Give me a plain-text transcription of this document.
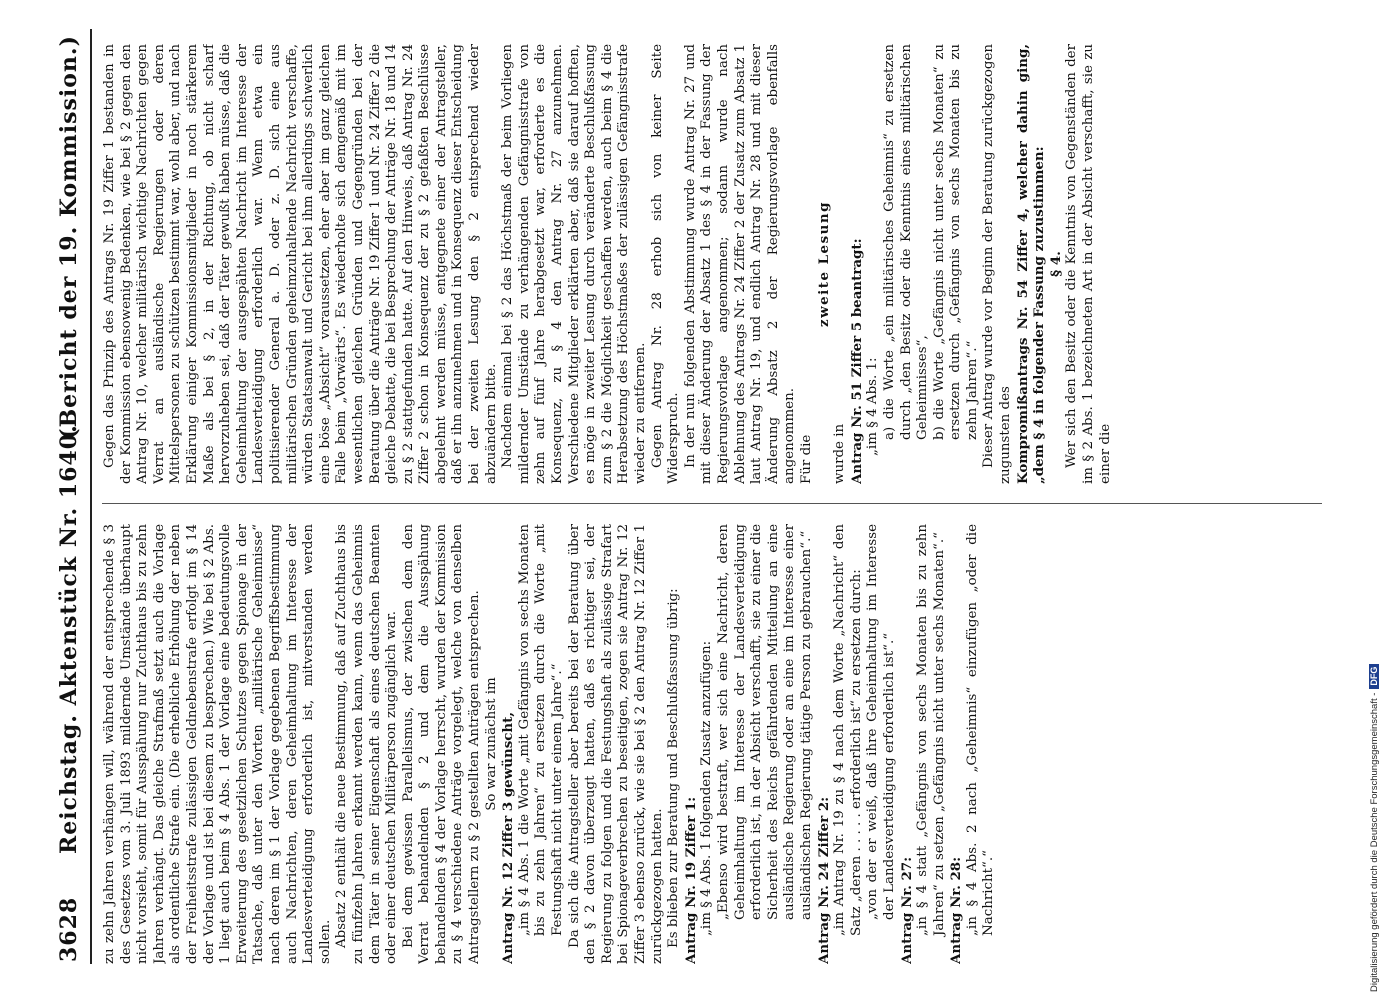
3628
Reichstag. Aktenstück Nr. 1640.
(Bericht der 19. Kommission.)

zu zehn Jahren verhängen will, während der entsprechende § 3 des Gesetzes vom 3. Juli 1893 mildernde Umstände überhaupt nicht vorsieht, somit für Ausspähung nur Zuchthaus bis zu zehn Jahren verhängt. Das gleiche Strafmaß setzt auch die Vorlage als ordentliche Strafe ein. (Die erhebliche Erhöhung der neben der Freiheitsstrafe zulässigen Geldnebenstrafe erfolgt im § 14 der Vorlage und ist bei diesem zu besprechen.) Wie bei § 2 Abs. 1 liegt auch beim § 4 Abs. 1 der Vorlage eine bedeutungsvolle Erweiterung des gesetzlichen Schutzes gegen Spionage in der Tatsache, daß unter den Worten „militärische Geheimnisse“ nach deren im § 1 der Vorlage gegebenen Begriffsbestimmung auch Nachrichten, deren Geheimhaltung im Interesse der Landesverteidigung erforderlich ist, mitverstanden werden sollen. Absatz 2 enthält die neue Bestimmung, daß auf Zuchthaus bis zu fünfzehn Jahren erkannt werden kann, wenn das Geheimnis dem Täter in seiner Eigenschaft als eines deutschen Beamten oder einer deutschen Militärperson zugänglich war. Bei dem gewissen Parallelismus, der zwischen dem den Verrat behandelnden § 2 und dem die Ausspähung behandelnden § 4 der Vorlage herrscht, wurden der Kommission zu § 4 verschiedene Anträge vorgelegt, welche von denselben Antragstellern zu § 2 gestellten Anträgen entsprechen. So war zunächst im Antrag Nr. 12 Ziffer 3 gewünscht, „im § 4 Abs. 1 die Worte „mit Gefängnis von sechs Monaten bis zu zehn Jahren“ zu ersetzen durch die Worte „mit Festungshaft nicht unter einem Jahre“.“ Da sich die Antragsteller aber bereits bei der Beratung über den § 2 davon überzeugt hatten, daß es richtiger sei, der Regierung zu folgen und die Festungshaft als zulässige Strafart bei Spionageverbrechen zu beseitigen, zogen sie Antrag Nr. 12 Ziffer 3 ebenso zurück, wie sie bei § 2 den Antrag Nr. 12 Ziffer 1 zurückgezogen hatten. Es blieben zur Beratung und Beschlußfassung übrig: Antrag Nr. 19 Ziffer 1: „im § 4 Abs. 1 folgenden Zusatz anzufügen: „Ebenso wird bestraft, wer sich eine Nachricht, deren Geheimhaltung im Interesse der Landesverteidigung erforderlich ist, in der Absicht verschafft, sie zu einer die Sicherheit des Reichs gefährdenden Mitteilung an eine ausländische Regierung oder an eine im Interesse einer ausländischen Regierung tätige Person zu gebrauchen“.“ Antrag Nr. 24 Ziffer 2: „im Antrag Nr. 19 zu § 4 nach dem Worte „Nachricht“ den Satz „deren . . . . . erforderlich ist“ zu ersetzen durch: „von der er weiß, daß ihre Geheimhaltung im Interesse der Landesverteidigung erforderlich ist“.“ Antrag Nr. 27: „in § 4 statt „Gefängnis von sechs Monaten bis zu zehn Jahren“ zu setzen „Gefängnis nicht unter sechs Monaten“.“ Antrag Nr. 28: „in § 4 Abs. 2 nach „Geheimnis“ einzufügen „oder die Nachricht“.“

Gegen das Prinzip des Antrags Nr. 19 Ziffer 1 bestanden in der Kommission ebensowenig Bedenken, wie bei § 2 gegen den Antrag Nr. 10, welcher militärisch wichtige Nachrichten gegen Verrat an ausländische Regierungen oder deren Mittelspersonen zu schützen bestimmt war, wohl aber, und nach Erklärung einiger Kommissionsmitglieder in noch stärkerem Maße als bei § 2, in der Richtung, ob nicht scharf hervorzuheben sei, daß der Täter gewußt haben müsse, daß die Geheimhaltung der ausgespähten Nachricht im Interesse der Landesverteidigung erforderlich war. Wenn etwa ein politisierender General a. D. oder z. D. sich eine aus militärischen Gründen geheimzuhaltende Nachricht verschaffe, würden Staatsanwalt und Gericht bei ihm allerdings schwerlich eine böse „Absicht“ voraussetzen, eher aber im ganz gleichen Falle beim „Vorwärts“. Es wiederholte sich demgemäß mit im wesentlichen gleichen Gründen und Gegengründen bei der Beratung über die Anträge Nr. 19 Ziffer 1 und Nr. 24 Ziffer 2 die gleiche Debatte, die bei Besprechung der Anträge Nr. 18 und 14 zu § 2 stattgefunden hatte. Auf den Hinweis, daß Antrag Nr. 24 Ziffer 2 schon in Konsequenz der zu § 2 gefaßten Beschlüsse abgelehnt werden müsse, entgegnete einer der Antragsteller, daß er ihn anzunehmen und in Konsequenz dieser Entscheidung bei der zweiten Lesung den § 2 entsprechend wieder abzuändern bitte. Nachdem einmal bei § 2 das Höchstmaß der beim Vorliegen mildernder Umstände zu verhängenden Gefängnisstrafe von zehn auf fünf Jahre herabgesetzt war, erforderte es die Konsequenz, zu § 4 den Antrag Nr. 27 anzunehmen. Verschiedene Mitglieder erklärten aber, daß sie darauf hofften, es möge in zweiter Lesung durch veränderte Beschlußfassung zum § 2 die Möglichkeit geschaffen werden, auch beim § 4 die Herabsetzung des Höchstmaßes der zulässigen Gefängnisstrafe wieder zu entfernen. Gegen Antrag Nr. 28 erhob sich von keiner Seite Widerspruch. In der nun folgenden Abstimmung wurde Antrag Nr. 27 und mit dieser Änderung der Absatz 1 des § 4 in der Fassung der Regierungsvorlage angenommen; sodann wurde nach Ablehnung des Antrags Nr. 24 Ziffer 2 der Zusatz zum Absatz 1 laut Antrag Nr. 19, und endlich Antrag Nr. 28 und mit dieser Änderung Absatz 2 der Regierungsvorlage ebenfalls angenommen. Für die

zweite Lesung

wurde in Antrag Nr. 51 Ziffer 5 beantragt: „im § 4 Abs. 1: a) die Worte „ein militärisches Geheimnis“ zu ersetzen durch „den Besitz oder die Kenntnis eines militärischen Geheimnisses“, b) die Worte „Gefängnis nicht unter sechs Monaten“ zu ersetzen durch „Gefängnis von sechs Monaten bis zu zehn Jahren“.“ Dieser Antrag wurde vor Beginn der Beratung zurückgezogen zugunsten des Kompromißantrags Nr. 54 Ziffer 4, welcher dahin ging, „dem § 4 in folgender Fassung zuzustimmen: § 4. Wer sich den Besitz oder die Kenntnis von Gegenständen der im § 2 Abs. 1 bezeichneten Art in der Absicht verschafft, sie zu einer die

Digitalisierung gefördert durch die Deutsche Forschungsgemeinschaft -DFG
